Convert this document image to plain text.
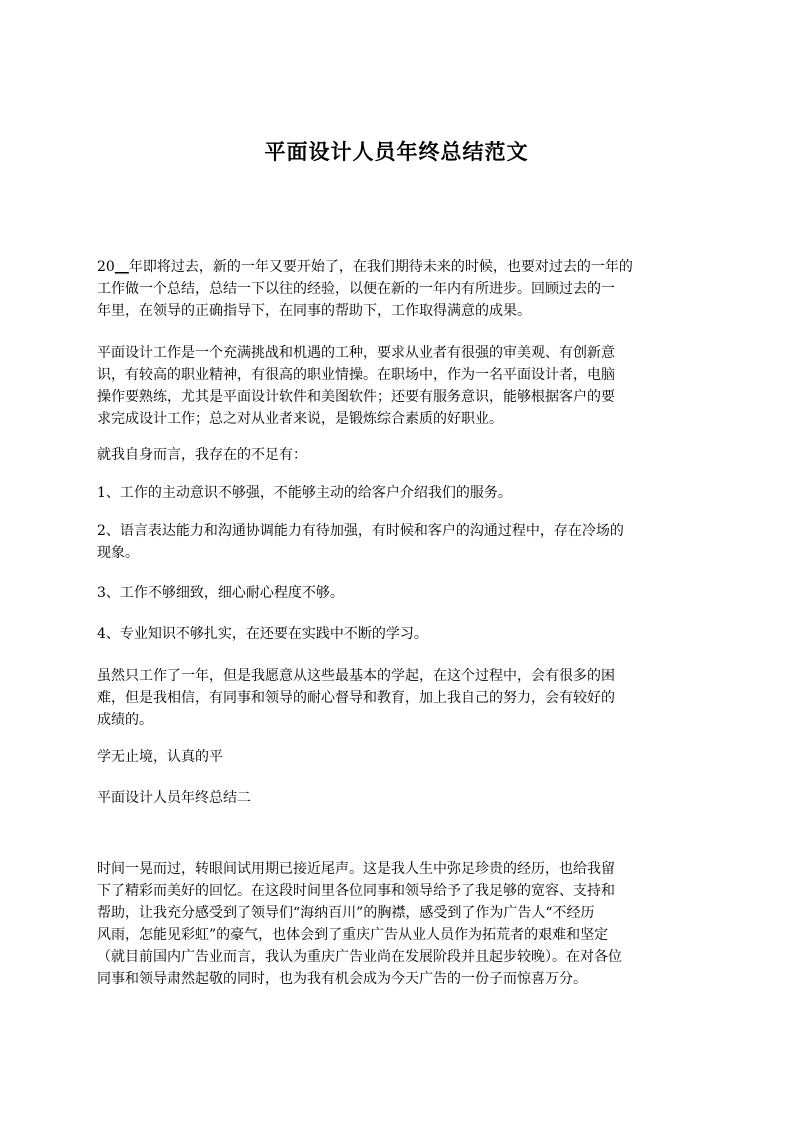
平面设计人员年终总结范文

20__年即将过去，新的一年又要开始了，在我们期待未来的时候，也要对过去的一年的
工作做一个总结，总结一下以往的经验，以便在新的一年内有所进步。回顾过去的一
年里，在领导的正确指导下，在同事的帮助下，工作取得满意的成果。

平面设计工作是一个充满挑战和机遇的工种，要求从业者有很强的审美观、有创新意
识，有较高的职业精神，有很高的职业情操。在职场中，作为一名平面设计者，电脑
操作要熟练，尤其是平面设计软件和美图软件；还要有服务意识，能够根据客户的要
求完成设计工作；总之对从业者来说，是锻炼综合素质的好职业。

就我自身而言，我存在的不足有：

1、工作的主动意识不够强，不能够主动的给客户介绍我们的服务。

2、语言表达能力和沟通协调能力有待加强，有时候和客户的沟通过程中，存在冷场的
现象。

3、工作不够细致，细心耐心程度不够。

4、专业知识不够扎实，在还要在实践中不断的学习。

虽然只工作了一年，但是我愿意从这些最基本的学起，在这个过程中，会有很多的困
难，但是我相信，有同事和领导的耐心督导和教育，加上我自己的努力，会有较好的
成绩的。

学无止境，认真的平

平面设计人员年终总结二

时间一晃而过，转眼间试用期已接近尾声。这是我人生中弥足珍贵的经历，也给我留
下了精彩而美好的回忆。在这段时间里各位同事和领导给予了我足够的宽容、支持和
帮助，让我充分感受到了领导们“海纳百川”的胸襟，感受到了作为广告人“不经历
风雨，怎能见彩虹”的豪气，也体会到了重庆广告从业人员作为拓荒者的艰难和坚定
（就目前国内广告业而言，我认为重庆广告业尚在发展阶段并且起步较晚）。在对各位
同事和领导肃然起敬的同时，也为我有机会成为今天广告的一份子而惊喜万分。
